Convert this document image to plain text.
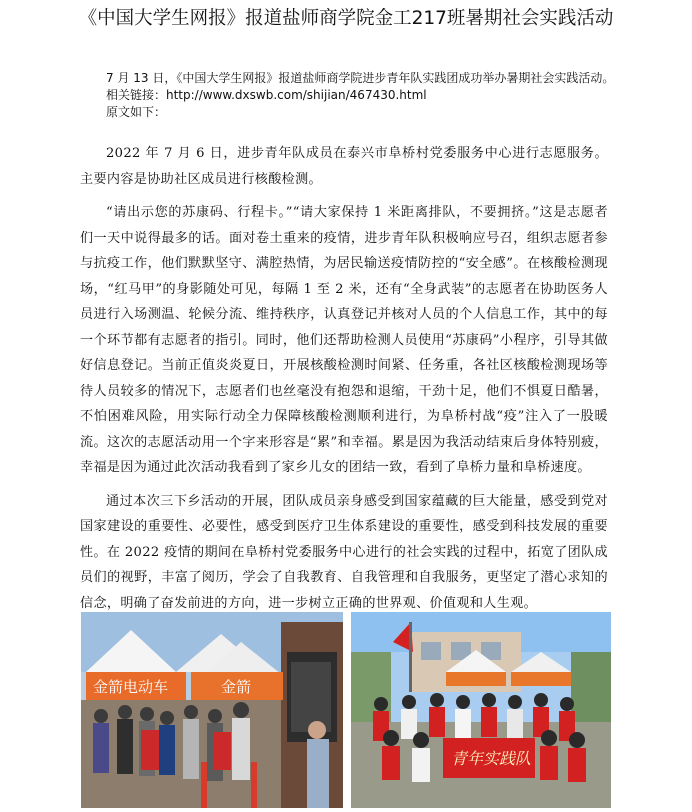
《中国大学生网报》报道盐师商学院金工217班暑期社会实践活动

7 月 13 日，《中国大学生网报》报道盐师商学院进步青年队实践团成功举办暑期社会实践活动。

相关链接：http://www.dxswb.com/shijian/467430.html

原文如下：

2022 年 7 月 6 日，进步青年队成员在泰兴市阜桥村党委服务中心进行志愿服务。主要内容是协助社区成员进行核酸检测。

“请出示您的苏康码、行程卡。”“请大家保持 1 米距离排队，不要拥挤。”这是志愿者们一天中说得最多的话。面对卷土重来的疫情，进步青年队积极响应号召，组织志愿者参与抗疫工作，他们默默坚守、满腔热情，为居民输送疫情防控的“安全感”。在核酸检测现场，“红马甲”的身影随处可见，每隔 1 至 2 米，还有“全身武装”的志愿者在协助医务人员进行入场测温、轮候分流、维持秩序，认真登记并核对人员的个人信息工作，其中的每一个环节都有志愿者的指引。同时，他们还帮助检测人员使用“苏康码”小程序，引导其做好信息登记。当前正值炎炎夏日，开展核酸检测时间紧、任务重，各社区核酸检测现场等待人员较多的情况下，志愿者们也丝毫没有抱怨和退缩，干劲十足，他们不惧夏日酷暑，不怕困难风险，用实际行动全力保障核酸检测顺利进行，为阜桥村战“疫”注入了一股暖流。这次的志愿活动用一个字来形容是“累”和幸福。累是因为我活动结束后身体特别疲，幸福是因为通过此次活动我看到了家乡儿女的团结一致，看到了阜桥力量和阜桥速度。

通过本次三下乡活动的开展，团队成员亲身感受到国家蕴藏的巨大能量，感受到党对国家建设的重要性、必要性，感受到医疗卫生体系建设的重要性，感受到科技发展的重要性。在 2022 疫情的期间在阜桥村党委服务中心进行的社会实践的过程中，拓宽了团队成员们的视野，丰富了阅历，学会了自我教育、自我管理和自我服务，更坚定了潜心求知的信念，明确了奋发前进的方向，进一步树立正确的世界观、价值观和人生观。

金箭电动车	金箭
青年实践队
